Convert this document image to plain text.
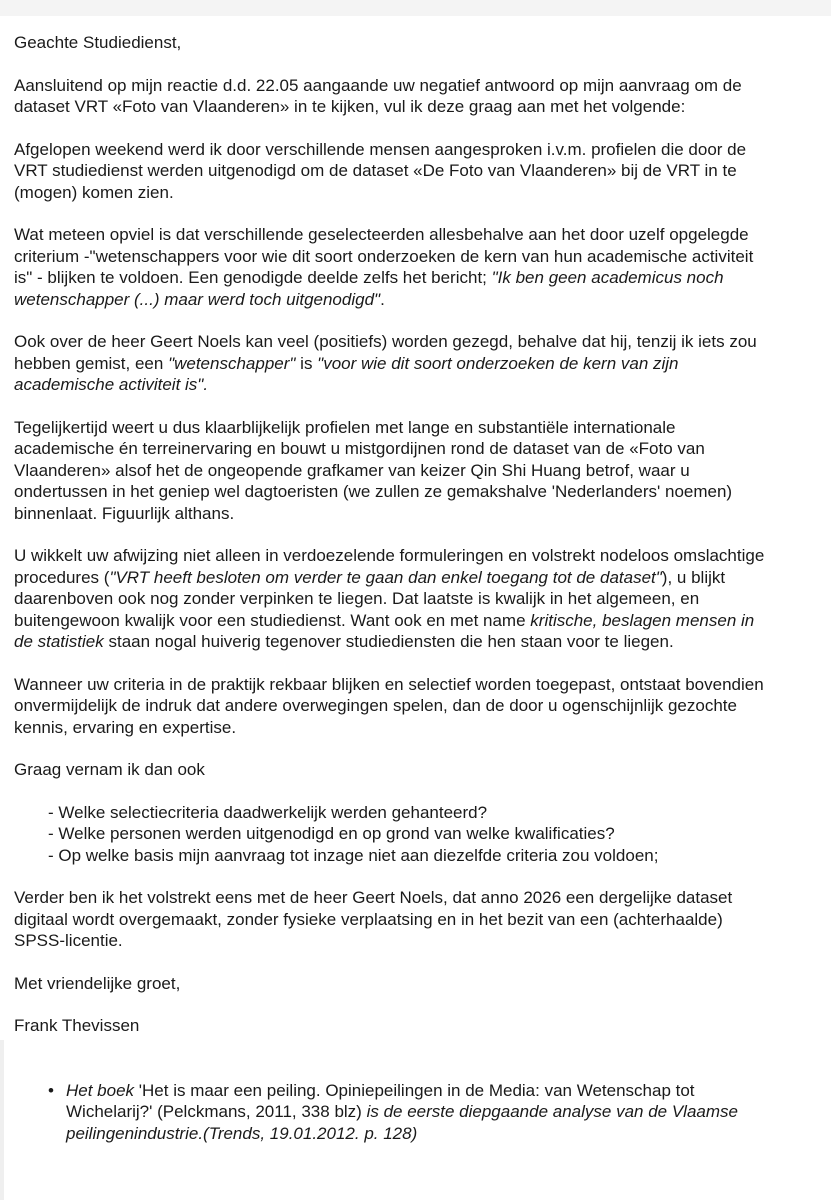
Geachte Studiedienst,

Aansluitend op mijn reactie d.d. 22.05 aangaande uw negatief antwoord op mijn aanvraag om de
dataset VRT «Foto van Vlaanderen» in te kijken, vul ik deze graag aan met het volgende:

Afgelopen weekend werd ik door verschillende mensen aangesproken i.v.m. profielen die door de
VRT studiedienst werden uitgenodigd om de dataset «De Foto van Vlaanderen» bij de VRT in te
(mogen) komen zien.

Wat meteen opviel is dat verschillende geselecteerden allesbehalve aan het door uzelf opgelegde
criterium -"wetenschappers voor wie dit soort onderzoeken de kern van hun academische activiteit
is" - blijken te voldoen. Een genodigde deelde zelfs het bericht; "Ik ben geen academicus noch
wetenschapper (...) maar werd toch uitgenodigd".

Ook over de heer Geert Noels kan veel (positiefs) worden gezegd, behalve dat hij, tenzij ik iets zou
hebben gemist, een "wetenschapper" is "voor wie dit soort onderzoeken de kern van zijn
academische activiteit is".

Tegelijkertijd weert u dus klaarblijkelijk profielen met lange en substantiële internationale
academische én terreinervaring en bouwt u mistgordijnen rond de dataset van de «Foto van
Vlaanderen» alsof het de ongeopende grafkamer van keizer Qin Shi Huang betrof, waar u
ondertussen in het geniep wel dagtoeristen (we zullen ze gemakshalve 'Nederlanders' noemen)
binnenlaat. Figuurlijk althans.

U wikkelt uw afwijzing niet alleen in verdoezelende formuleringen en volstrekt nodeloos omslachtige
procedures ("VRT heeft besloten om verder te gaan dan enkel toegang tot de dataset"), u blijkt
daarenboven ook nog zonder verpinken te liegen. Dat laatste is kwalijk in het algemeen, en
buitengewoon kwalijk voor een studiedienst. Want ook en met name kritische, beslagen mensen in
de statistiek staan nogal huiverig tegenover studiediensten die hen staan voor te liegen.

Wanneer uw criteria in de praktijk rekbaar blijken en selectief worden toegepast, ontstaat bovendien
onvermijdelijk de indruk dat andere overwegingen spelen, dan de door u ogenschijnlijk gezochte
kennis, ervaring en expertise.

Graag vernam ik dan ook

- Welke selectiecriteria daadwerkelijk werden gehanteerd?

- Welke personen werden uitgenodigd en op grond van welke kwalificaties?

- Op welke basis mijn aanvraag tot inzage niet aan diezelfde criteria zou voldoen;

Verder ben ik het volstrekt eens met de heer Geert Noels, dat anno 2026 een dergelijke dataset
digitaal wordt overgemaakt, zonder fysieke verplaatsing en in het bezit van een (achterhaalde)
SPSS-licentie.

Met vriendelijke groet,

Frank Thevissen

• Het boek 'Het is maar een peiling. Opiniepeilingen in de Media: van Wetenschap tot
Wichelarij?' (Pelckmans, 2011, 338 blz) is de eerste diepgaande analyse van de Vlaamse
peilingenindustrie.(Trends, 19.01.2012. p. 128)
